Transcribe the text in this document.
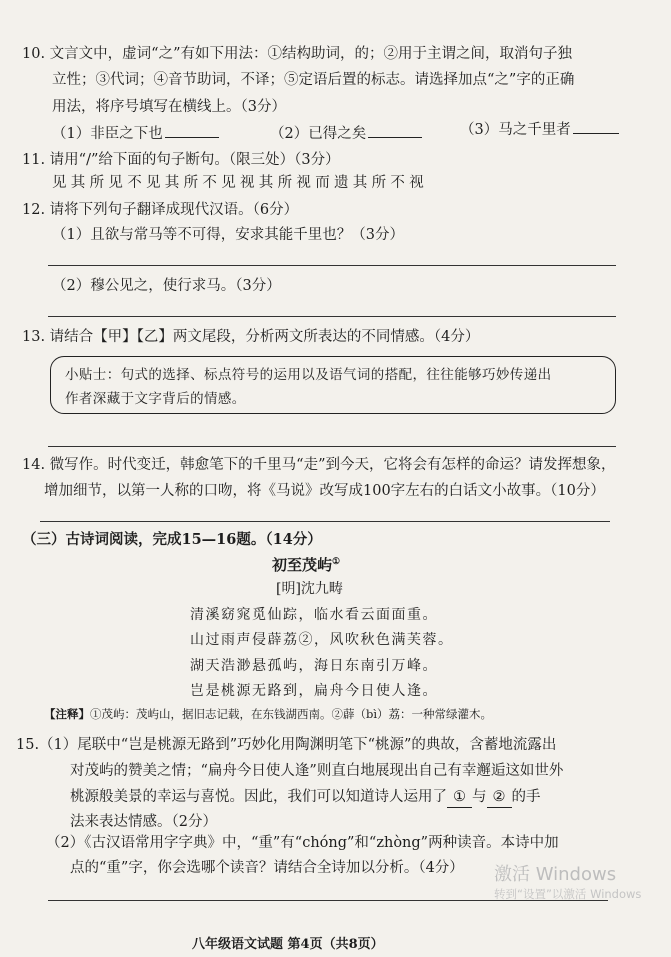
10. 文言文中，虚词“之”有如下用法：①结构助词，的；②用于主谓之间，取消句子独
立性；③代词；④音节助词，不译；⑤定语后置的标志。请选择加点“之”字的正确
用法，将序号填写在横线上。（3分）
（1）非臣之下也	（2）已得之矣	（3）马之千里者
11. 请用“/”给下面的句子断句。（限三处）（3分）
见其所见不见其所不见视其所视而遗其所不视
12. 请将下列句子翻译成现代汉语。（6分）
（1）且欲与常马等不可得，安求其能千里也？（3分）
（2）穆公见之，使行求马。（3分）
13. 请结合【甲】【乙】两文尾段，分析两文所表达的不同情感。（4分）
小贴士：句式的选择、标点符号的运用以及语气词的搭配，往往能够巧妙传递出
作者深藏于文字背后的情感。
14. 微写作。时代变迁，韩愈笔下的千里马“走”到今天，它将会有怎样的命运？请发挥想象，
增加细节，以第一人称的口吻，将《马说》改写成100字左右的白话文小故事。（10分）
（三）古诗词阅读，完成15—16题。（14分）
初至茂屿①
[明]沈九畴
清溪窈窕觅仙踪，临水看云面面重。
山过雨声侵薜荔②，风吹秋色满芙蓉。
湖天浩渺悬孤屿，海日东南引万峰。
岂是桃源无路到，扁舟今日使人逢。
【注释】①茂屿：茂屿山，据旧志记载，在东钱湖西南。②薜（bì）荔：一种常绿灌木。
15.（1）尾联中“岂是桃源无路到”巧妙化用陶渊明笔下“桃源”的典故，含蓄地流露出
对茂屿的赞美之情；“扁舟今日使人逢”则直白地展现出自己有幸邂逅这如世外
桃源般美景的幸运与喜悦。因此，我们可以知道诗人运用了 ① 与 ② 的手
法来表达情感。（2分）
（2）《古汉语常用字字典》中，“重”有“chóng”和“zhòng”两种读音。本诗中加
点的“重”字，你会选哪个读音？请结合全诗加以分析。（4分）
八年级语文试题 第4页（共8页）
激活 Windows
转到“设置”以激活 Windows
